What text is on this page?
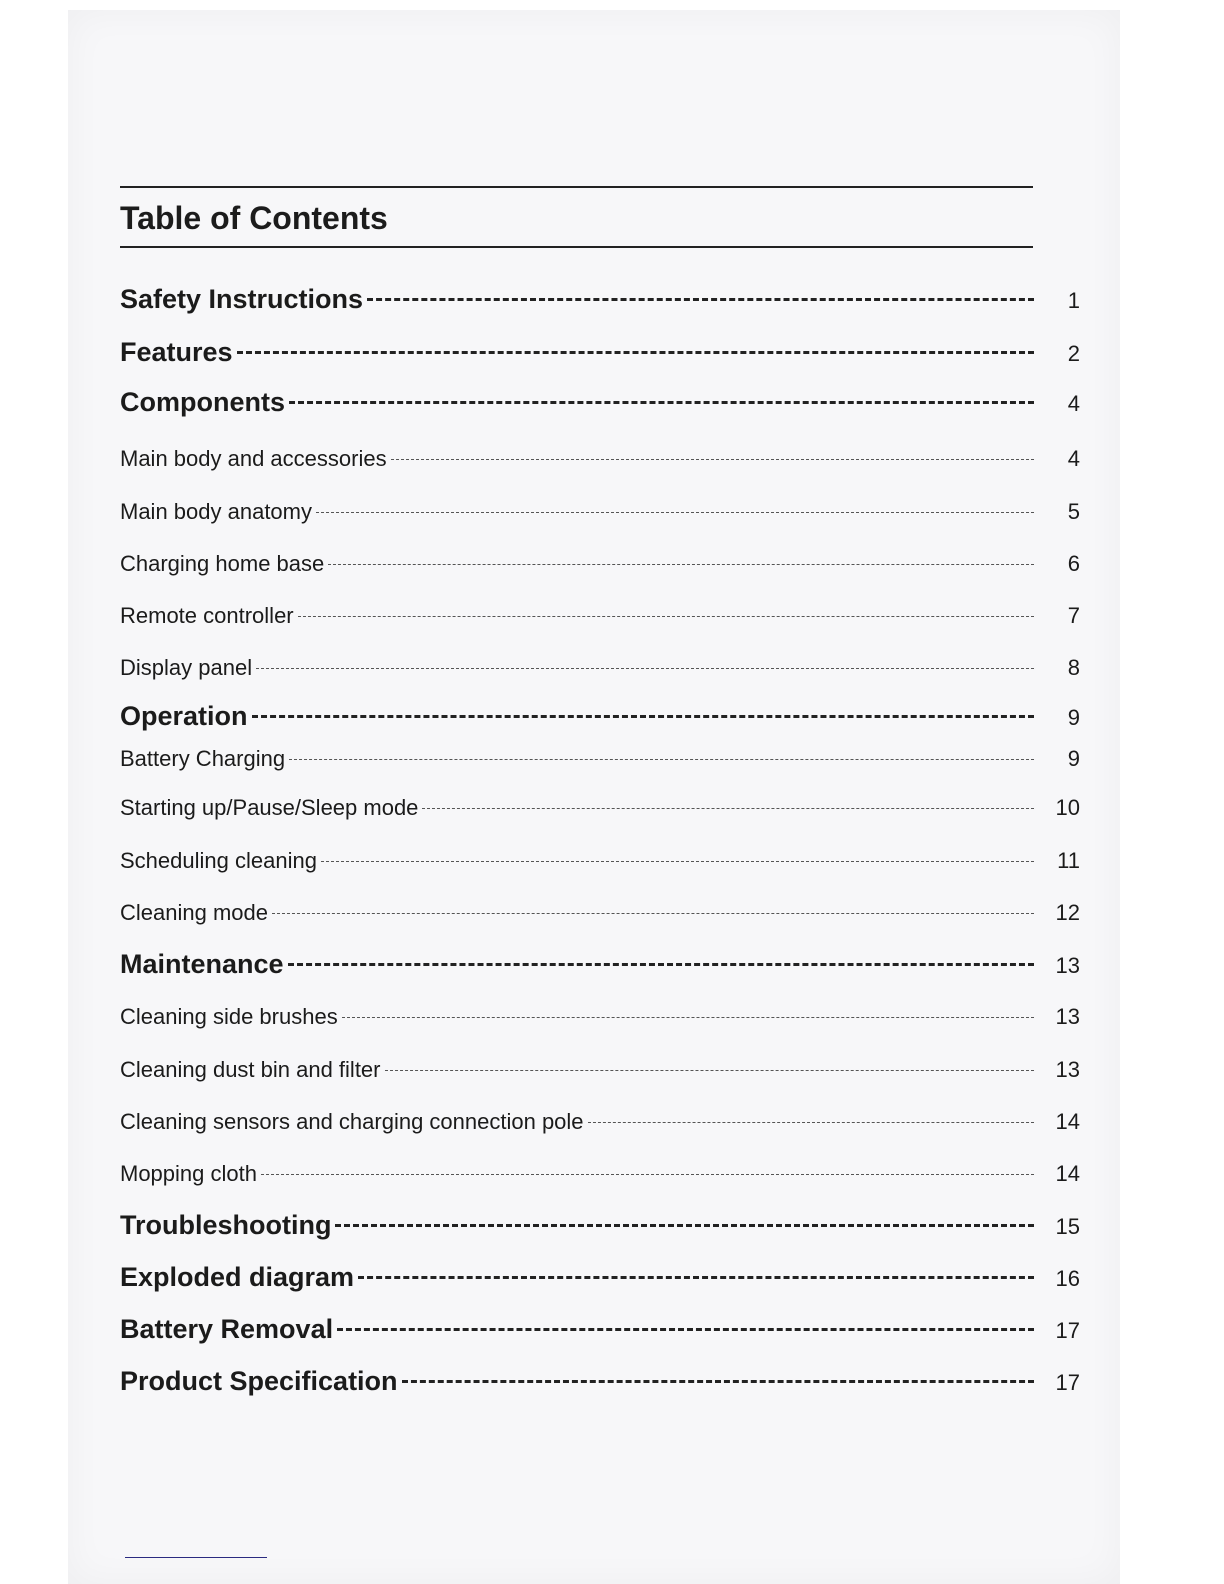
Table of Contents
Safety Instructions	1
Features	2
Components	4
Main body and accessories	4
Main body anatomy	5
Charging home base	6
Remote controller	7
Display panel	8
Operation	9
Battery Charging	9
Starting up/Pause/Sleep mode	10
Scheduling cleaning	11
Cleaning mode	12
Maintenance	13
Cleaning side brushes	13
Cleaning dust bin and filter	13
Cleaning sensors and charging connection pole	14
Mopping cloth	14
Troubleshooting	15
Exploded diagram	16
Battery Removal	17
Product Specification	17
